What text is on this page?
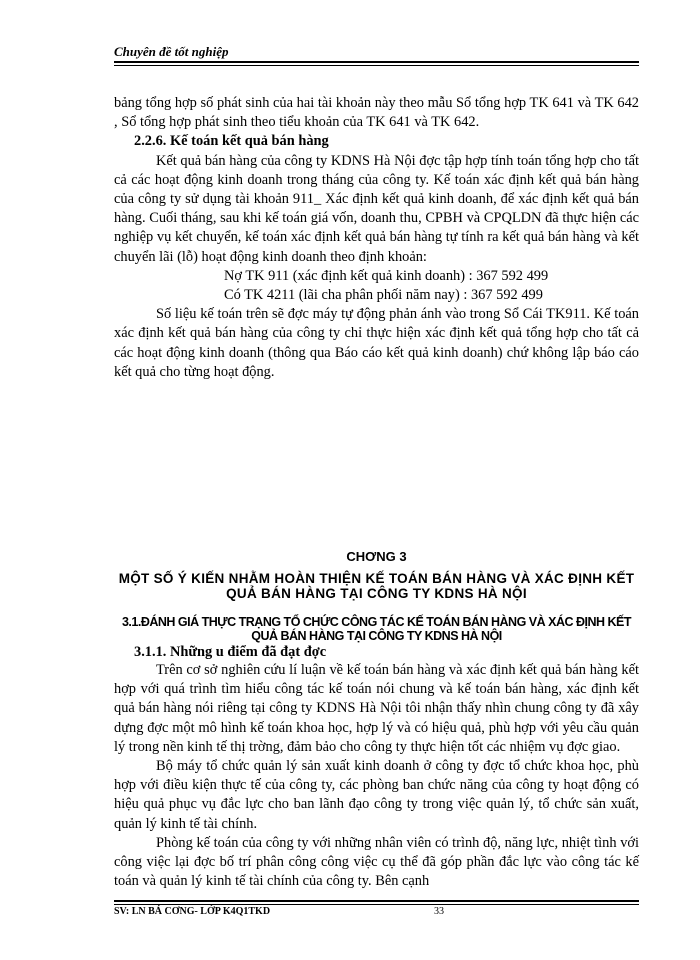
Chuyên đề tốt nghiệp

bảng tổng hợp số phát sinh của hai tài khoản này theo mẫu Sổ tổng hợp TK 641 và TK 642 , Sổ tổng hợp phát sinh theo tiểu khoản của TK 641 và TK 642.

2.2.6. Kế toán kết quả bán hàng

Kết quả bán hàng của công ty KDNS Hà Nội đợc tập hợp tính toán tổng hợp cho tất cả các hoạt động kinh doanh trong tháng của công ty. Kế toán xác định kết quả bán hàng của công ty sử dụng tài khoản 911_ Xác định kết quả kinh doanh, để xác định kết quả bán hàng. Cuối tháng, sau khi kế toán giá vốn, doanh thu, CPBH và CPQLDN đã thực hiện các nghiệp vụ kết chuyển, kế toán xác định kết quả bán hàng tự tính ra kết quả bán hàng và kết chuyển lãi (lỗ) hoạt động kinh doanh theo định khoản:

Nợ TK 911 (xác định kết quả kinh doanh) : 367 592 499
Có TK 4211 (lãi cha phân phối năm nay) : 367 592 499

Số liệu kế toán trên sẽ đợc máy tự động phản ánh vào trong Sổ Cái TK911. Kế toán xác định kết quả bán hàng của công ty chỉ thực hiện xác định kết quả tổng hợp cho tất cả các hoạt động kinh doanh (thông qua Báo cáo kết quả kinh doanh) chứ không lập báo cáo kết quả cho từng hoạt động.

CHƠNG 3
MỘT SỐ Ý KIẾN NHẰM HOÀN THIỆN KẾ TOÁN BÁN HÀNG VÀ XÁC ĐỊNH KẾT QUẢ BÁN HÀNG TẠI CÔNG TY KDNS HÀ NỘI
3.1.ĐÁNH GIÁ THỰC TRẠNG TỔ CHỨC CÔNG TÁC KẾ TOÁN BÁN HÀNG VÀ XÁC ĐỊNH KẾT QUẢ BÁN HÀNG TẠI CÔNG TY KDNS HÀ NỘI
3.1.1. Những u điểm đã đạt đợc

Trên cơ sở nghiên cứu lí luận về kế toán bán hàng và xác định kết quả bán hàng kết hợp với quá trình tìm hiểu công tác kế toán nói chung và kế toán bán hàng, xác định kết quả bán hàng nói riêng tại công ty KDNS Hà Nội tôi nhận thấy nhìn chung công ty đã xây dựng đợc một mô hình kế toán khoa học, hợp lý và có hiệu quả, phù hợp với yêu cầu quản lý trong nền kinh tế thị trờng, đảm bảo cho công ty thực hiện tốt các nhiệm vụ đợc giao.

Bộ máy tổ chức quản lý sản xuất kinh doanh ở công ty đợc tổ chức khoa học, phù hợp với điều kiện thực tế của công ty, các phòng ban chức năng của công ty hoạt động có hiệu quả phục vụ đắc lực cho ban lãnh đạo công ty trong việc quản lý, tổ chức sản xuất, quản lý kinh tế tài chính.

Phòng kế toán của công ty với những nhân viên có trình độ, năng lực, nhiệt tình với công việc lại đợc bố trí phân công công việc cụ thể đã góp phần đắc lực vào công tác kế toán và quản lý kinh tế tài chính của công ty. Bên cạnh

SV: LN BÁ CƠNG- LỚP K4Q1TKD	33
